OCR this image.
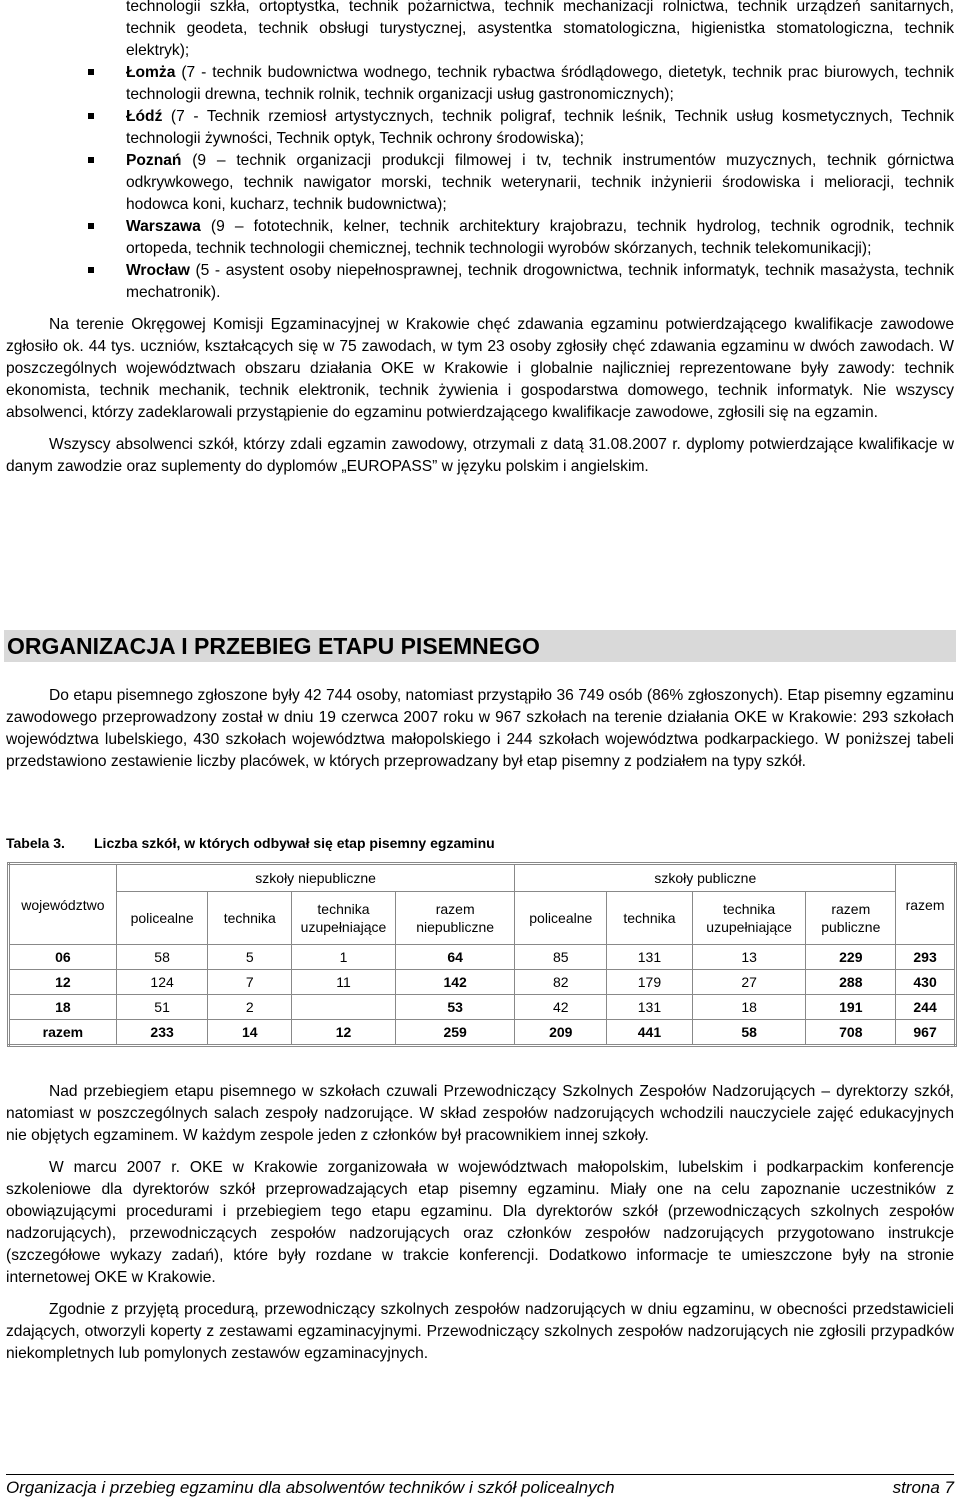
technologii szkła, ortoptystka, technik pożarnictwa, technik mechanizacji rolnictwa, technik urządzeń sanitarnych, technik geodeta, technik obsługi turystycznej, asystentka stomatologiczna, higienistka stomatologiczna, technik elektryk);

Łomża (7 - technik budownictwa wodnego, technik rybactwa śródlądowego, dietetyk, technik prac biurowych, technik technologii drewna, technik rolnik, technik organizacji usług gastronomicznych);
Łódź (7 - Technik rzemiosł artystycznych, technik poligraf, technik leśnik, Technik usług kosmetycznych, Technik technologii żywności, Technik optyk, Technik ochrony środowiska);
Poznań (9 – technik organizacji produkcji filmowej i tv, technik instrumentów muzycznych, technik górnictwa odkrywkowego, technik nawigator morski, technik weterynarii, technik inżynierii środowiska i melioracji, technik hodowca koni, kucharz, technik budownictwa);
Warszawa (9 – fototechnik, kelner, technik architektury krajobrazu, technik hydrolog, technik ogrodnik, technik ortopeda, technik technologii chemicznej, technik technologii wyrobów skórzanych, technik telekomunikacji);
Wrocław (5 - asystent osoby niepełnosprawnej, technik drogownictwa, technik informatyk, technik masażysta, technik mechatronik).

Na terenie Okręgowej Komisji Egzaminacyjnej w Krakowie chęć zdawania egzaminu potwierdzającego kwalifikacje zawodowe zgłosiło ok. 44 tys. uczniów, kształcących się w 75 zawodach, w tym 23 osoby zgłosiły chęć zdawania egzaminu w dwóch zawodach. W poszczególnych województwach obszaru działania OKE w Krakowie i globalnie najliczniej reprezentowane były zawody: technik ekonomista, technik mechanik, technik elektronik, technik żywienia i gospodarstwa domowego, technik informatyk. Nie wszyscy absolwenci, którzy zadeklarowali przystąpienie do egzaminu potwierdzającego kwalifikacje zawodowe, zgłosili się na egzamin.

Wszyscy absolwenci szkół, którzy zdali egzamin zawodowy, otrzymali z datą 31.08.2007 r. dyplomy potwierdzające kwalifikacje w danym zawodzie oraz suplementy do dyplomów „EUROPASS” w języku polskim i angielskim.

ORGANIZACJA I PRZEBIEG ETAPU PISEMNEGO

Do etapu pisemnego zgłoszone były 42 744 osoby, natomiast przystąpiło 36 749 osób (86% zgłoszonych). Etap pisemny egzaminu zawodowego przeprowadzony został w dniu 19 czerwca 2007 roku w 967 szkołach na terenie działania OKE w Krakowie: 293 szkołach województwa lubelskiego, 430 szkołach województwa małopolskiego i 244 szkołach województwa podkarpackiego. W poniższej tabeli przedstawiono zestawienie liczby placówek, w których przeprowadzany był etap pisemny z podziałem na typy szkół.

Tabela 3. Liczba szkół, w których odbywał się etap pisemny egzaminu
województwo	szkoły niepubliczne				szkoły publiczne				razem
	policealne	technika	technika uzupełniające	razem niepubliczne	policealne	technika	technika uzupełniające	razem publiczne	
06	58	5	1	64	85	131	13	229	293
12	124	7	11	142	82	179	27	288	430
18	51	2		53	42	131	18	191	244
razem	233	14	12	259	209	441	58	708	967

Nad przebiegiem etapu pisemnego w szkołach czuwali Przewodniczący Szkolnych Zespołów Nadzorujących – dyrektorzy szkół, natomiast w poszczególnych salach zespoły nadzorujące. W skład zespołów nadzorujących wchodzili nauczyciele zajęć edukacyjnych nie objętych egzaminem. W każdym zespole jeden z członków był pracownikiem innej szkoły.

W marcu 2007 r. OKE w Krakowie zorganizowała w województwach małopolskim, lubelskim i podkarpackim konferencje szkoleniowe dla dyrektorów szkół przeprowadzających etap pisemny egzaminu. Miały one na celu zapoznanie uczestników z obowiązującymi procedurami i przebiegiem tego etapu egzaminu. Dla dyrektorów szkół (przewodniczących szkolnych zespołów nadzorujących), przewodniczących zespołów nadzorujących oraz członków zespołów nadzorujących przygotowano instrukcje (szczegółowe wykazy zadań), które były rozdane w trakcie konferencji. Dodatkowo informacje te umieszczone były na stronie internetowej OKE w Krakowie.

Zgodnie z przyjętą procedurą, przewodniczący szkolnych zespołów nadzorujących w dniu egzaminu, w obecności przedstawicieli zdających, otworzyli koperty z zestawami egzaminacyjnymi. Przewodniczący szkolnych zespołów nadzorujących nie zgłosili przypadków niekompletnych lub pomylonych zestawów egzaminacyjnych.

Organizacja i przebieg egzaminu dla absolwentów techników i szkół policealnych	strona 7
